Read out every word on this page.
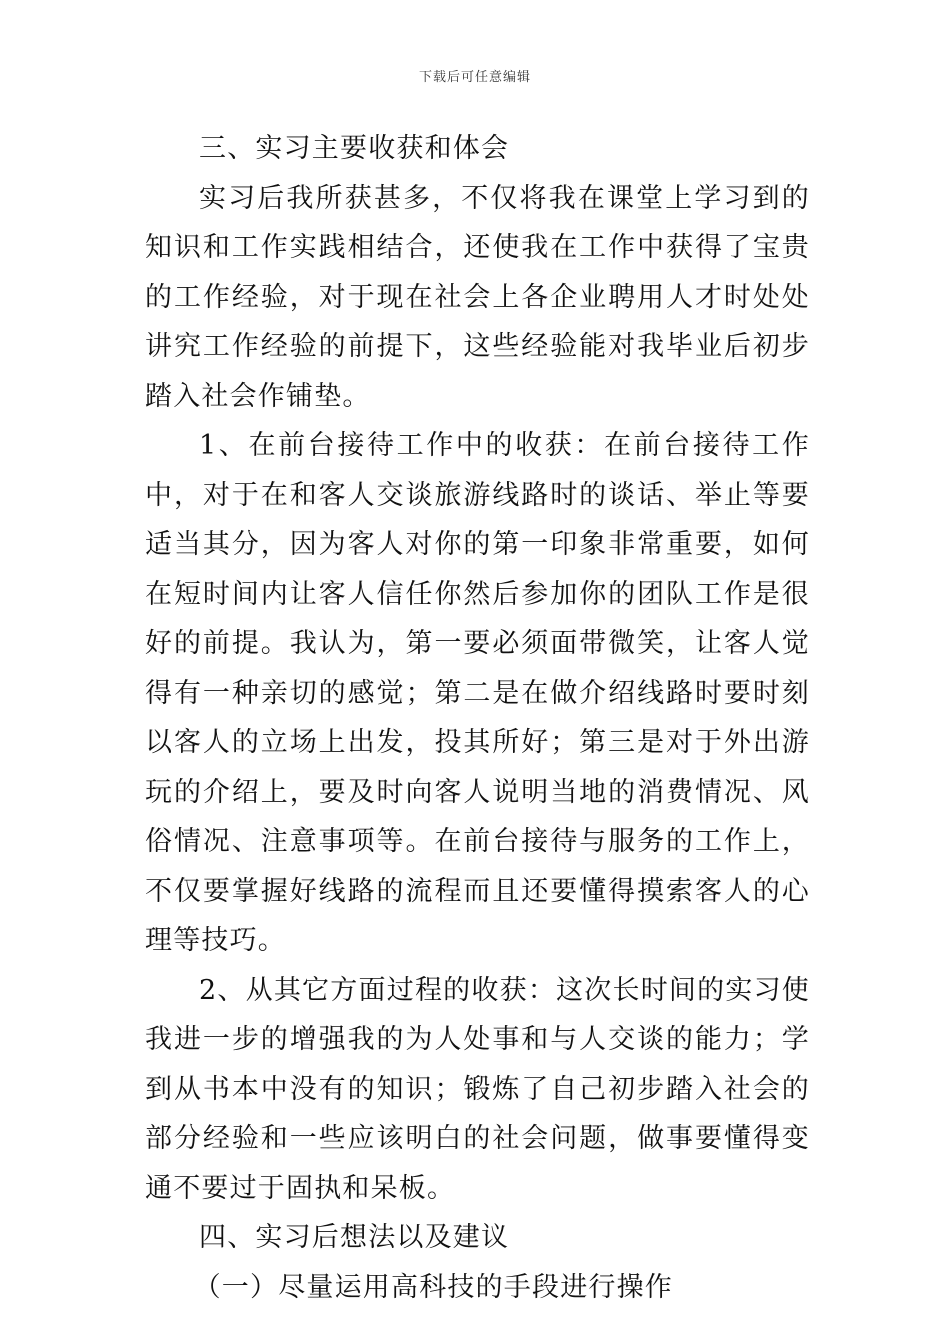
下载后可任意编辑

三、实习主要收获和体会

实习后我所获甚多，不仅将我在课堂上学习到的知识和工作实践相结合，还使我在工作中获得了宝贵的工作经验，对于现在社会上各企业聘用人才时处处讲究工作经验的前提下，这些经验能对我毕业后初步踏入社会作铺垫。

1、在前台接待工作中的收获：在前台接待工作中，对于在和客人交谈旅游线路时的谈话、举止等要适当其分，因为客人对你的第一印象非常重要，如何在短时间内让客人信任你然后参加你的团队工作是很好的前提。我认为，第一要必须面带微笑，让客人觉得有一种亲切的感觉；第二是在做介绍线路时要时刻以客人的立场上出发，投其所好；第三是对于外出游玩的介绍上，要及时向客人说明当地的消费情况、风俗情况、注意事项等。在前台接待与服务的工作上，不仅要掌握好线路的流程而且还要懂得摸索客人的心理等技巧。

2、从其它方面过程的收获：这次长时间的实习使我进一步的增强我的为人处事和与人交谈的能力；学到从书本中没有的知识；锻炼了自己初步踏入社会的部分经验和一些应该明白的社会问题，做事要懂得变通不要过于固执和呆板。

四、实习后想法以及建议

（一）尽量运用高科技的手段进行操作
